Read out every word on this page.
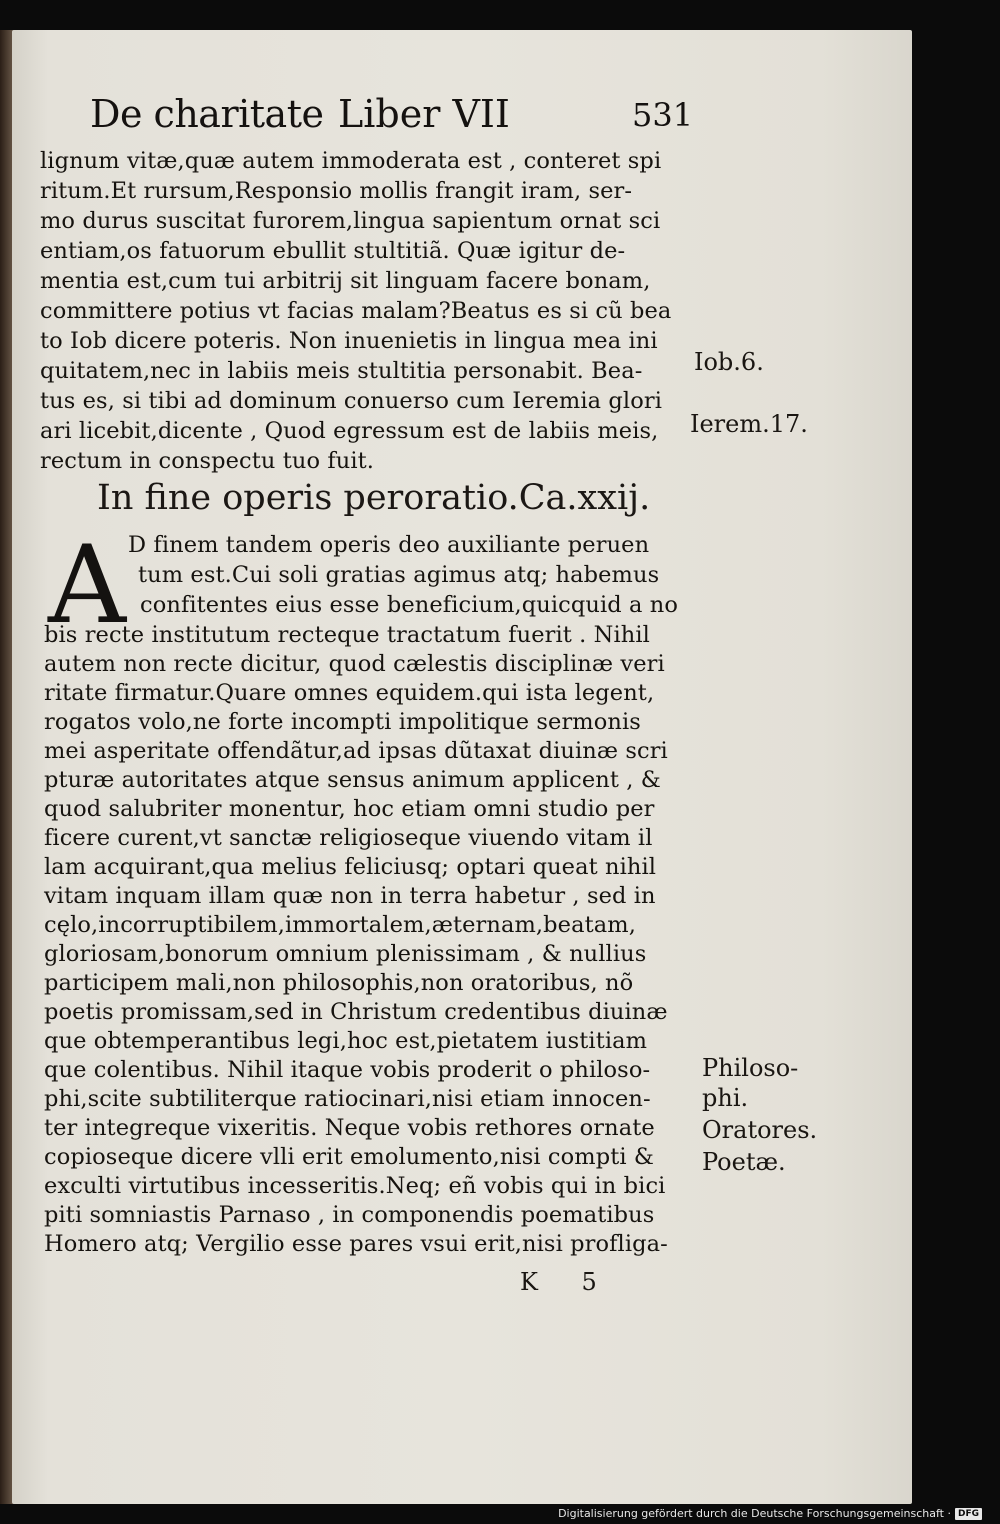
De charitate Liber VII	531
lignum vitæ,quæ autem immoderata est , conteret spi
ritum.Et rursum,Responsio mollis frangit iram, ser-
mo durus suscitat furorem,lingua sapientum ornat sci
entiam,os fatuorum ebullit stultitiã. Quæ igitur de-
mentia est,cum tui arbitrij sit linguam facere bonam,
committere potius vt facias malam?Beatus es si cũ bea
to Iob dicere poteris. Non inuenietis in lingua mea ini
quitatem,nec in labiis meis stultitia personabit. Bea-
tus es, si tibi ad dominum conuerso cum Ieremia glori
ari licebit,dicente , Quod egressum est de labiis meis,
rectum in conspectu tuo fuit.
In fine operis peroratio.Ca.xxij.
A D finem tandem operis deo auxiliante peruen
tum est.Cui soli gratias agimus atq; habemus
confitentes eius esse beneficium,quicquid a no
bis recte institutum recteque tractatum fuerit . Nihil
autem non recte dicitur, quod cælestis disciplinæ veri
ritate firmatur.Quare omnes equidem.qui ista legent,
rogatos volo,ne forte incompti impolitique sermonis
mei asperitate offendãtur,ad ipsas dũtaxat diuinæ scri
pturæ autoritates atque sensus animum applicent , &
quod salubriter monentur, hoc etiam omni studio per
ficere curent,vt sanctæ religioseque viuendo vitam il
lam acquirant,qua melius feliciusq; optari queat nihil
vitam inquam illam quæ non in terra habetur , sed in
cęlo,incorruptibilem,immortalem,æternam,beatam,
gloriosam,bonorum omnium plenissimam , & nullius
participem mali,non philosophis,non oratoribus, nõ
poetis promissam,sed in Christum credentibus diuinæ
que obtemperantibus legi,hoc est,pietatem iustitiam
que colentibus. Nihil itaque vobis proderit o philoso-
phi,scite subtiliterque ratiocinari,nisi etiam innocen-
ter integreque vixeritis. Neque vobis rethores ornate
copioseque dicere vlli erit emolumento,nisi compti &
exculti virtutibus incesseritis.Neq; eñ vobis qui in bici
piti somniastis Parnaso , in componendis poematibus
Homero atq; Vergilio esse pares vsui erit,nisi profliga-
Iob.6.
Ierem.17.
Philoso-
phi.
Oratores.
Poetæ.
K 5
Digitalisierung gefördert durch die Deutsche Forschungsgemeinschaft · DFG
